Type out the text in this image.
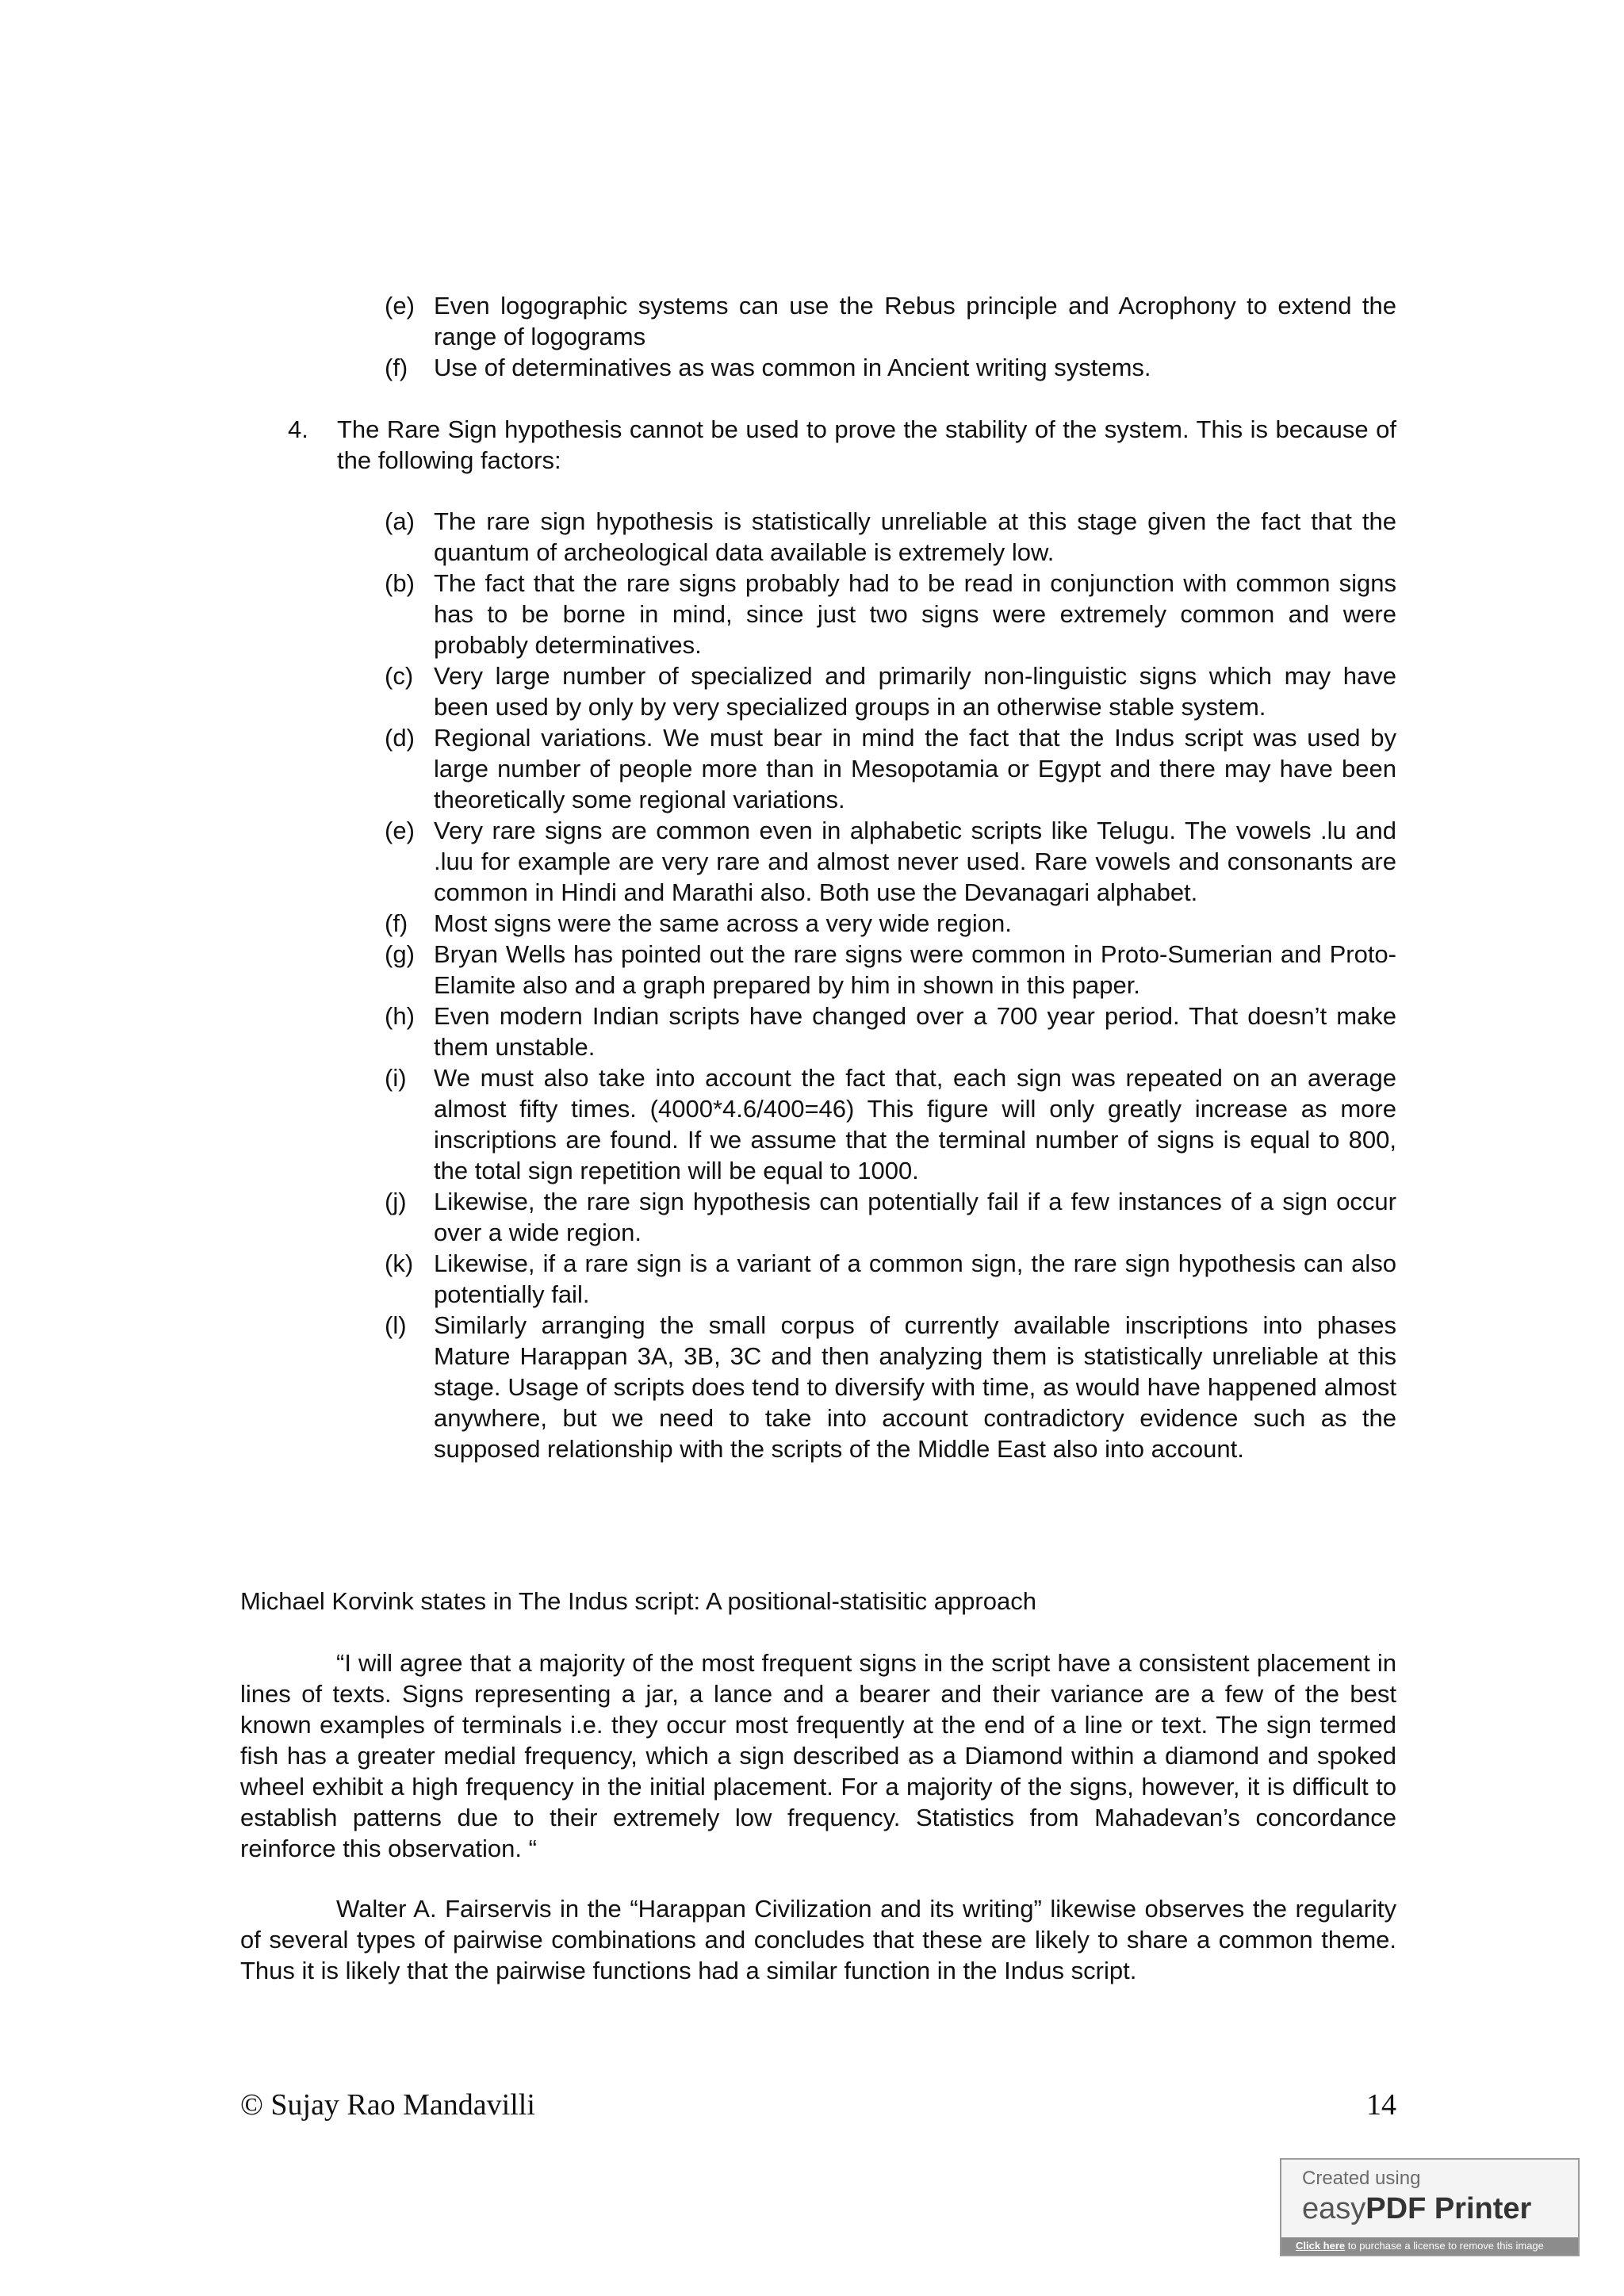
(e) Even logographic systems can use the Rebus principle and Acrophony to extend the range of logograms
(f)	Use of determinatives as was common in Ancient writing systems.
4.	The Rare Sign hypothesis cannot be used to prove the stability of the system. This is because of the following factors:
(a) The rare sign hypothesis is statistically unreliable at this stage given the fact that the quantum of archeological data available is extremely low.
(b) The fact that the rare signs probably had to be read in conjunction with common signs has to be borne in mind, since just two signs were extremely common and were probably determinatives.
(c) Very large number of specialized and primarily non-linguistic signs which may have been used by only by very specialized groups in an otherwise stable system.
(d) Regional variations. We must bear in mind the fact that the Indus script was used by large number of people more than in Mesopotamia or Egypt and there may have been theoretically some regional variations.
(e) Very rare signs are common even in alphabetic scripts like Telugu. The vowels .lu and .luu for example are very rare and almost never used. Rare vowels and consonants are common in Hindi and Marathi also. Both use the Devanagari alphabet.
(f)	Most signs were the same across a very wide region.
(g) Bryan Wells has pointed out the rare signs were common in Proto-Sumerian and Proto-Elamite also and a graph prepared by him in shown in this paper.
(h) Even modern Indian scripts have changed over a 700 year period. That doesn’t make them unstable.
(i)	We must also take into account the fact that, each sign was repeated on an average almost fifty times. (4000*4.6/400=46) This figure will only greatly increase as more inscriptions are found. If we assume that the terminal number of signs is equal to 800, the total sign repetition will be equal to 1000.
(j)	Likewise, the rare sign hypothesis can potentially fail if a few instances of a sign occur over a wide region.
(k) Likewise, if a rare sign is a variant of a common sign, the rare sign hypothesis can also potentially fail.
(l)	Similarly arranging the small corpus of currently available inscriptions into phases Mature Harappan 3A, 3B, 3C and then analyzing them is statistically unreliable at this stage. Usage of scripts does tend to diversify with time, as would have happened almost anywhere, but we need to take into account contradictory evidence such as the supposed relationship with the scripts of the Middle East also into account.
Michael Korvink states in The Indus script: A positional-statisitic approach
“I will agree that a majority of the most frequent signs in the script have a consistent placement in lines of texts. Signs representing a jar, a lance and a bearer and their variance are a few of the best known examples of terminals i.e. they occur most frequently at the end of a line or text. The sign termed fish has a greater medial frequency, which a sign described as a Diamond within a diamond and spoked wheel exhibit a high frequency in the initial placement. For a majority of the signs, however, it is difficult to establish patterns due to their extremely low frequency. Statistics from Mahadevan’s concordance reinforce this observation. “
Walter A. Fairservis in the “Harappan Civilization and its writing” likewise observes the regularity of several types of pairwise combinations and concludes that these are likely to share a common theme. Thus it is likely that the pairwise functions had a similar function in the Indus script.
© Sujay Rao Mandavilli	14
Created using
easyPDF Printer
Click here to purchase a license to remove this image
